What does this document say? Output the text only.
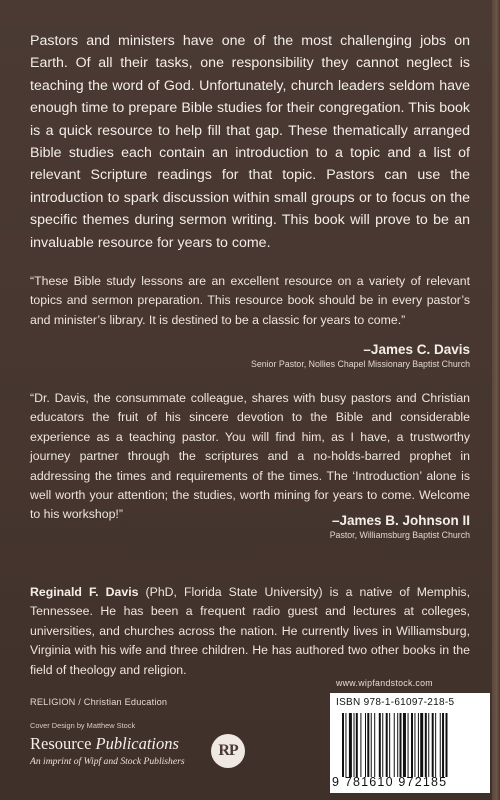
Pastors and ministers have one of the most challenging jobs on Earth. Of all their tasks, one responsibility they cannot neglect is teaching the word of God. Unfortunately, church leaders seldom have enough time to prepare Bible studies for their congregation. This book is a quick resource to help fill that gap. These thematically arranged Bible studies each contain an introduction to a topic and a list of relevant Scripture readings for that topic. Pastors can use the introduction to spark discussion within small groups or to focus on the specific themes during sermon writing. This book will prove to be an invaluable resource for years to come.

“These Bible study lessons are an excellent resource on a variety of relevant topics and sermon preparation. This resource book should be in every pastor’s and minister’s library. It is destined to be a classic for years to come.”

–James C. Davis
Senior Pastor, Nollies Chapel Missionary Baptist Church

“Dr. Davis, the consummate colleague, shares with busy pastors and Christian educators the fruit of his sincere devotion to the Bible and considerable experience as a teaching pastor. You will find him, as I have, a trustworthy journey partner through the scriptures and a no-holds-barred prophet in addressing the times and requirements of the times. The ‘Introduction’ alone is well worth your attention; the studies, worth mining for years to come. Welcome to his workshop!”	–James B. Johnson II
Pastor, Williamsburg Baptist Church

Reginald F. Davis (PhD, Florida State University) is a native of Memphis, Tennessee. He has been a frequent radio guest and lectures at colleges, universities, and churches across the nation. He currently lives in Williamsburg, Virginia with his wife and three children. He has authored two other books in the field of theology and religion.

RELIGION / Christian Education
Cover Design by Matthew Stock
Resource Publications
An imprint of Wipf and Stock Publishers
RP
www.wipfandstock.com
ISBN 978-1-61097-218-5
9 781610 972185
